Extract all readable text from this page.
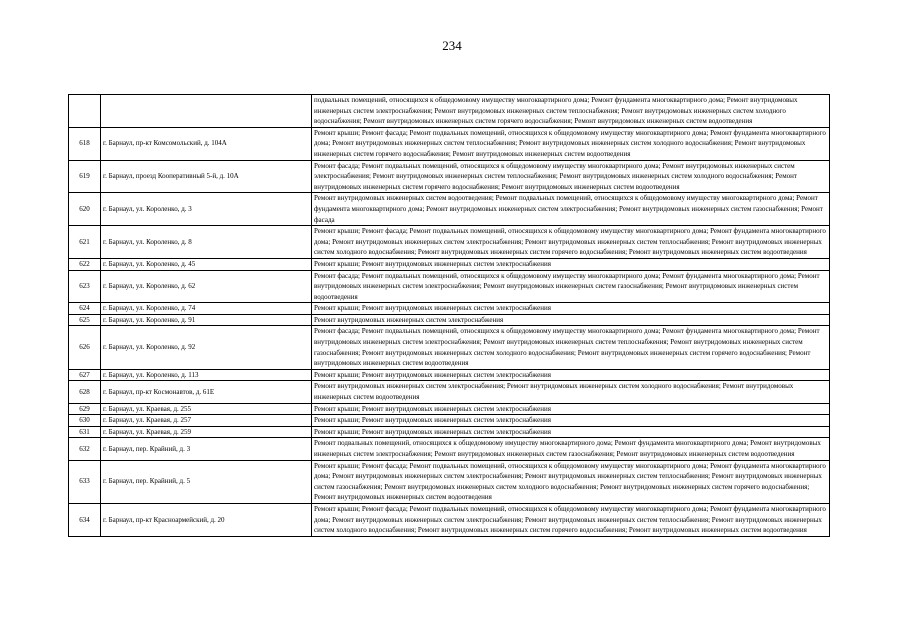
234
		подвальных помещений, относящихся к общедомовому имуществу многоквартирного дома; Ремонт фундамента многоквартирного дома; Ремонт внутридомовых инженерных систем электроснабжения; Ремонт внутридомовых инженерных систем теплоснабжения; Ремонт внутридомовых инженерных систем холодного водоснабжения; Ремонт внутридомовых инженерных систем горячего водоснабжения; Ремонт внутридомовых инженерных систем водоотведения
618	г. Барнаул, пр-кт Комсомольский, д. 104А	Ремонт крыши; Ремонт фасада; Ремонт подвальных помещений, относящихся к общедомовому имуществу многоквартирного дома; Ремонт фундамента многоквартирного дома; Ремонт внутридомовых инженерных систем теплоснабжения; Ремонт внутридомовых инженерных систем холодного водоснабжения; Ремонт внутридомовых инженерных систем горячего водоснабжения; Ремонт внутридомовых инженерных систем водоотведения
619	г. Барнаул, проезд Кооперативный 5-й, д. 10А	Ремонт фасада; Ремонт подвальных помещений, относящихся к общедомовому имуществу многоквартирного дома; Ремонт внутридомовых инженерных систем электроснабжения; Ремонт внутридомовых инженерных систем теплоснабжения; Ремонт внутридомовых инженерных систем холодного водоснабжения; Ремонт внутридомовых инженерных систем горячего водоснабжения; Ремонт внутридомовых инженерных систем водоотведения
620	г. Барнаул, ул. Короленко, д. 3	Ремонт внутридомовых инженерных систем водоотведения; Ремонт подвальных помещений, относящихся к общедомовому имуществу многоквартирного дома; Ремонт фундамента многоквартирного дома; Ремонт внутридомовых инженерных систем электроснабжения; Ремонт внутридомовых инженерных систем газоснабжения; Ремонт фасада
621	г. Барнаул, ул. Короленко, д. 8	Ремонт крыши; Ремонт фасада; Ремонт подвальных помещений, относящихся к общедомовому имуществу многоквартирного дома; Ремонт фундамента многоквартирного дома; Ремонт внутридомовых инженерных систем электроснабжения; Ремонт внутридомовых инженерных систем теплоснабжения; Ремонт внутридомовых инженерных систем холодного водоснабжения; Ремонт внутридомовых инженерных систем горячего водоснабжения; Ремонт внутридомовых инженерных систем водоотведения
622	г. Барнаул, ул. Короленко, д. 45	Ремонт крыши; Ремонт внутридомовых инженерных систем электроснабжения
623	г. Барнаул, ул. Короленко, д. 62	Ремонт фасада; Ремонт подвальных помещений, относящихся к общедомовому имуществу многоквартирного дома; Ремонт фундамента многоквартирного дома; Ремонт внутридомовых инженерных систем электроснабжения; Ремонт внутридомовых инженерных систем газоснабжения; Ремонт внутридомовых инженерных систем водоотведения
624	г. Барнаул, ул. Короленко, д. 74	Ремонт крыши; Ремонт внутридомовых инженерных систем электроснабжения
625	г. Барнаул, ул. Короленко, д. 91	Ремонт внутридомовых инженерных систем электроснабжения
626	г. Барнаул, ул. Короленко, д. 92	Ремонт фасада; Ремонт подвальных помещений, относящихся к общедомовому имуществу многоквартирного дома; Ремонт фундамента многоквартирного дома; Ремонт внутридомовых инженерных систем электроснабжения; Ремонт внутридомовых инженерных систем теплоснабжения; Ремонт внутридомовых инженерных систем газоснабжения; Ремонт внутридомовых инженерных систем холодного водоснабжения; Ремонт внутридомовых инженерных систем горячего водоснабжения; Ремонт внутридомовых инженерных систем водоотведения
627	г. Барнаул, ул. Короленко, д. 113	Ремонт крыши; Ремонт внутридомовых инженерных систем электроснабжения
628	г. Барнаул, пр-кт Космонавтов, д. 61Е	Ремонт внутридомовых инженерных систем электроснабжения; Ремонт внутридомовых инженерных систем холодного водоснабжения; Ремонт внутридомовых инженерных систем водоотведения
629	г. Барнаул, ул. Краевая, д. 255	Ремонт крыши; Ремонт внутридомовых инженерных систем электроснабжения
630	г. Барнаул, ул. Краевая, д. 257	Ремонт крыши; Ремонт внутридомовых инженерных систем электроснабжения
631	г. Барнаул, ул. Краевая, д. 259	Ремонт крыши; Ремонт внутридомовых инженерных систем электроснабжения
632	г. Барнаул, пер. Крайний, д. 3	Ремонт подвальных помещений, относящихся к общедомовому имуществу многоквартирного дома; Ремонт фундамента многоквартирного дома; Ремонт внутридомовых инженерных систем электроснабжения; Ремонт внутридомовых инженерных систем газоснабжения; Ремонт внутридомовых инженерных систем водоотведения
633	г. Барнаул, пер. Крайний, д. 5	Ремонт крыши; Ремонт фасада; Ремонт подвальных помещений, относящихся к общедомовому имуществу многоквартирного дома; Ремонт фундамента многоквартирного дома; Ремонт внутридомовых инженерных систем электроснабжения; Ремонт внутридомовых инженерных систем теплоснабжения; Ремонт внутридомовых инженерных систем газоснабжения; Ремонт внутридомовых инженерных систем холодного водоснабжения; Ремонт внутридомовых инженерных систем горячего водоснабжения; Ремонт внутридомовых инженерных систем водоотведения
634	г. Барнаул, пр-кт Красноармейский, д. 20	Ремонт крыши; Ремонт фасада; Ремонт подвальных помещений, относящихся к общедомовому имуществу многоквартирного дома; Ремонт фундамента многоквартирного дома; Ремонт внутридомовых инженерных систем электроснабжения; Ремонт внутридомовых инженерных систем теплоснабжения; Ремонт внутридомовых инженерных систем холодного водоснабжения; Ремонт внутридомовых инженерных систем горячего водоснабжения; Ремонт внутридомовых инженерных систем водоотведения
